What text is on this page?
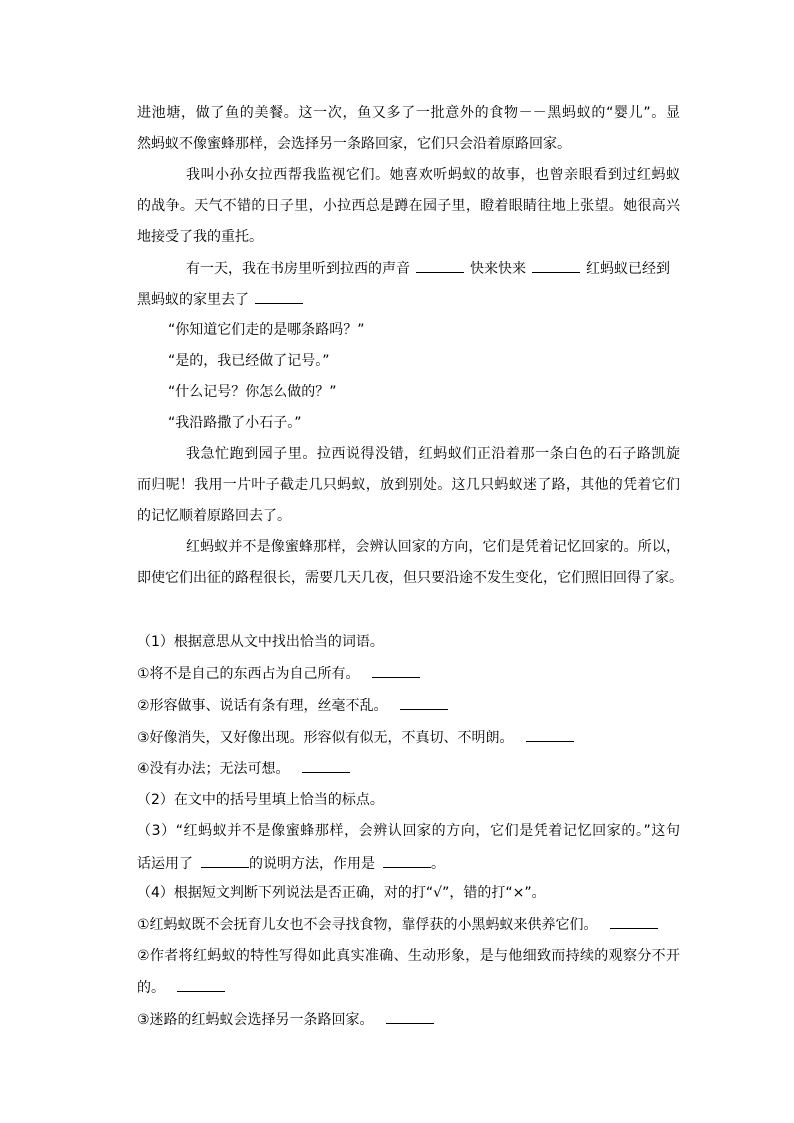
进池塘，做了鱼的美餐。这一次，鱼又多了一批意外的食物－－黑蚂蚁的“婴儿”。显
然蚂蚁不像蜜蜂那样，会选择另一条路回家，它们只会沿着原路回家。
我叫小孙女拉西帮我监视它们。她喜欢听蚂蚁的故事，也曾亲眼看到过红蚂蚁
的战争。天气不错的日子里，小拉西总是蹲在园子里，瞪着眼睛往地上张望。她很高兴
地接受了我的重托。
有一天，我在书房里听到拉西的声音	快来快来	红蚂蚁已经到
黑蚂蚁的家里去了
“你知道它们走的是哪条路吗？”
“是的，我已经做了记号。”
“什么记号？你怎么做的？”
“我沿路撒了小石子。”
我急忙跑到园子里。拉西说得没错，红蚂蚁们正沿着那一条白色的石子路凯旋
而归呢！我用一片叶子截走几只蚂蚁，放到别处。这几只蚂蚁迷了路，其他的凭着它们
的记忆顺着原路回去了。
红蚂蚁并不是像蜜蜂那样，会辨认回家的方向，它们是凭着记忆回家的。所以，
即使它们出征的路程很长，需要几天几夜，但只要沿途不发生变化，它们照旧回得了家。
（1）根据意思从文中找出恰当的词语。
①将不是自己的东西占为自己所有。
②形容做事、说话有条有理，丝毫不乱。
③好像消失，又好像出现。形容似有似无，不真切、不明朗。
④没有办法；无法可想。
（2）在文中的括号里填上恰当的标点。
（3）“红蚂蚁并不是像蜜蜂那样，会辨认回家的方向，它们是凭着记忆回家的。”这句
话运用了	的说明方法，作用是	。
（4）根据短文判断下列说法是否正确，对的打“√”，错的打“×”。
①红蚂蚁既不会抚育儿女也不会寻找食物，靠俘获的小黑蚂蚁来供养它们。
②作者将红蚂蚁的特性写得如此真实准确、生动形象，是与他细致而持续的观察分不开
的。
③迷路的红蚂蚁会选择另一条路回家。
